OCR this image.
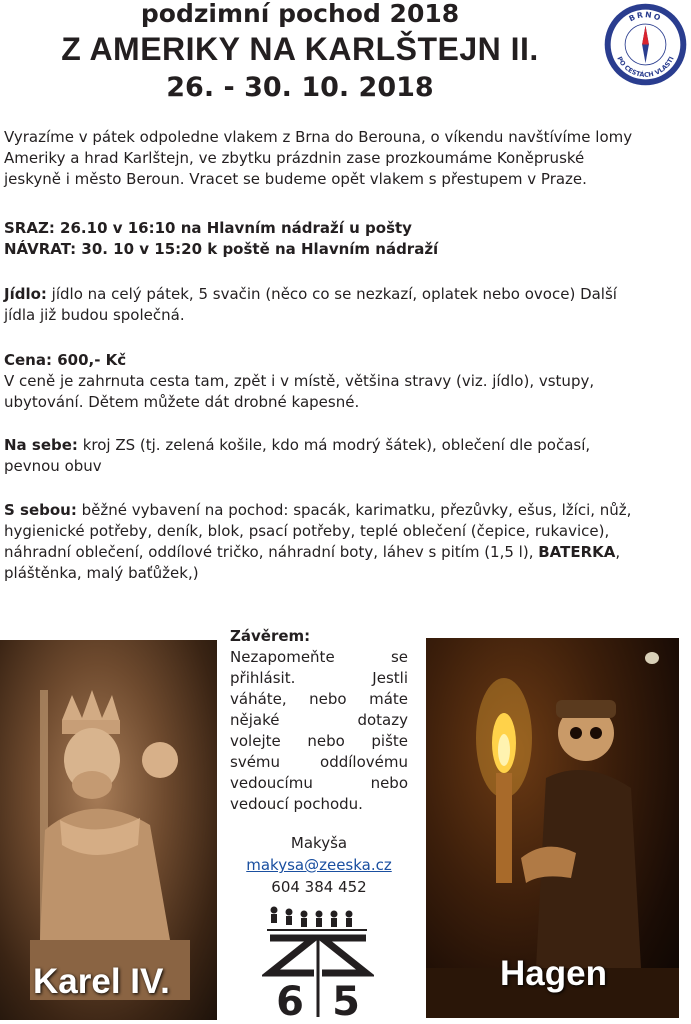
podzimní pochod 2018
Z AMERIKY NA KARLŠTEJN II.
26. - 30. 10. 2018
BRNO
PO CESTÁCH VLASTI
Vyrazíme v pátek odpoledne vlakem z Brna do Berouna, o víkendu navštívíme lomy
Ameriky a hrad Karlštejn, ve zbytku prázdnin zase prozkoumáme Koněpruské
jeskyně i město Beroun. Vracet se budeme opět vlakem s přestupem v Praze.
SRAZ: 26.10 v 16:10 na Hlavním nádraží u pošty
NÁVRAT: 30. 10 v 15:20 k poště na Hlavním nádraží
Jídlo: jídlo na celý pátek, 5 svačin (něco co se nezkazí, oplatek nebo ovoce) Další
jídla již budou společná.
Cena: 600,- Kč
V ceně je zahrnuta cesta tam, zpět i v místě, většina stravy (viz. jídlo), vstupy,
ubytování. Dětem můžete dát drobné kapesné.
Na sebe: kroj ZS (tj. zelená košile, kdo má modrý šátek), oblečení dle počasí,
pevnou obuv
S sebou: běžné vybavení na pochod: spacák, karimatku, přezůvky, ešus, lžíci, nůž,
hygienické potřeby, deník, blok, psací potřeby, teplé oblečení (čepice, rukavice),
náhradní oblečení, oddílové tričko, náhradní boty, láhev s pitím (1,5 l), BATERKA,
pláštěnka, malý baťůžek,)
Karel IV.	Hagen
Závěrem:
Nezapomeňte se
přihlásit. Jestli
váháte, nebo máte
nějaké dotazy
volejte nebo pište
svému oddílovému
vedoucímu nebo
vedoucí pochodu.
Makyša
makysa@zeeska.cz
604 384 452
6 5
